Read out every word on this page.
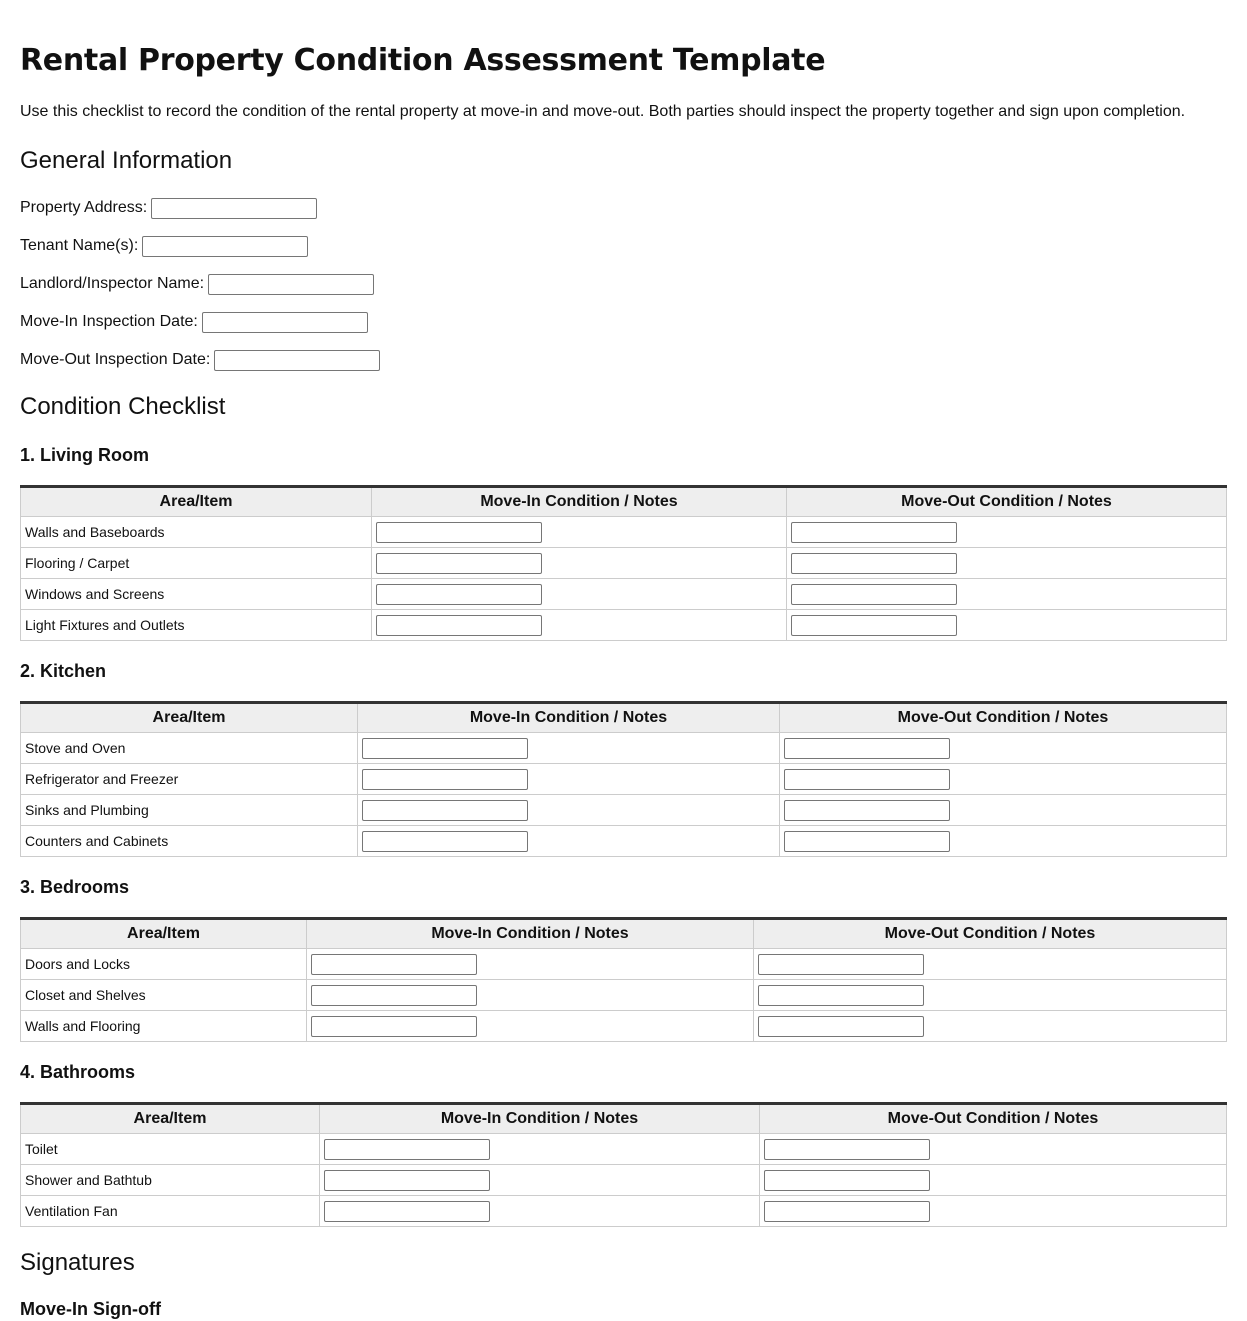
Rental Property Condition Assessment Template

Use this checklist to record the condition of the rental property at move-in and move-out. Both parties should inspect the property together and sign upon completion.

General Information
Property Address:
Tenant Name(s):
Landlord/Inspector Name:
Move-In Inspection Date:
Move-Out Inspection Date:
Condition Checklist
1. Living Room
Area/Item	Move-In Condition / Notes	Move-Out Condition / Notes
Walls and Baseboards	

Flooring / Carpet	

Windows and Screens	

Light Fixtures and Outlets	

2. Kitchen
Area/Item	Move-In Condition / Notes	Move-Out Condition / Notes
Stove and Oven	

Refrigerator and Freezer	

Sinks and Plumbing	

Counters and Cabinets	

3. Bedrooms
Area/Item	Move-In Condition / Notes	Move-Out Condition / Notes
Doors and Locks	

Closet and Shelves	

Walls and Flooring	

4. Bathrooms
Area/Item	Move-In Condition / Notes	Move-Out Condition / Notes
Toilet	

Shower and Bathtub	

Ventilation Fan	

Signatures
Move-In Sign-off
